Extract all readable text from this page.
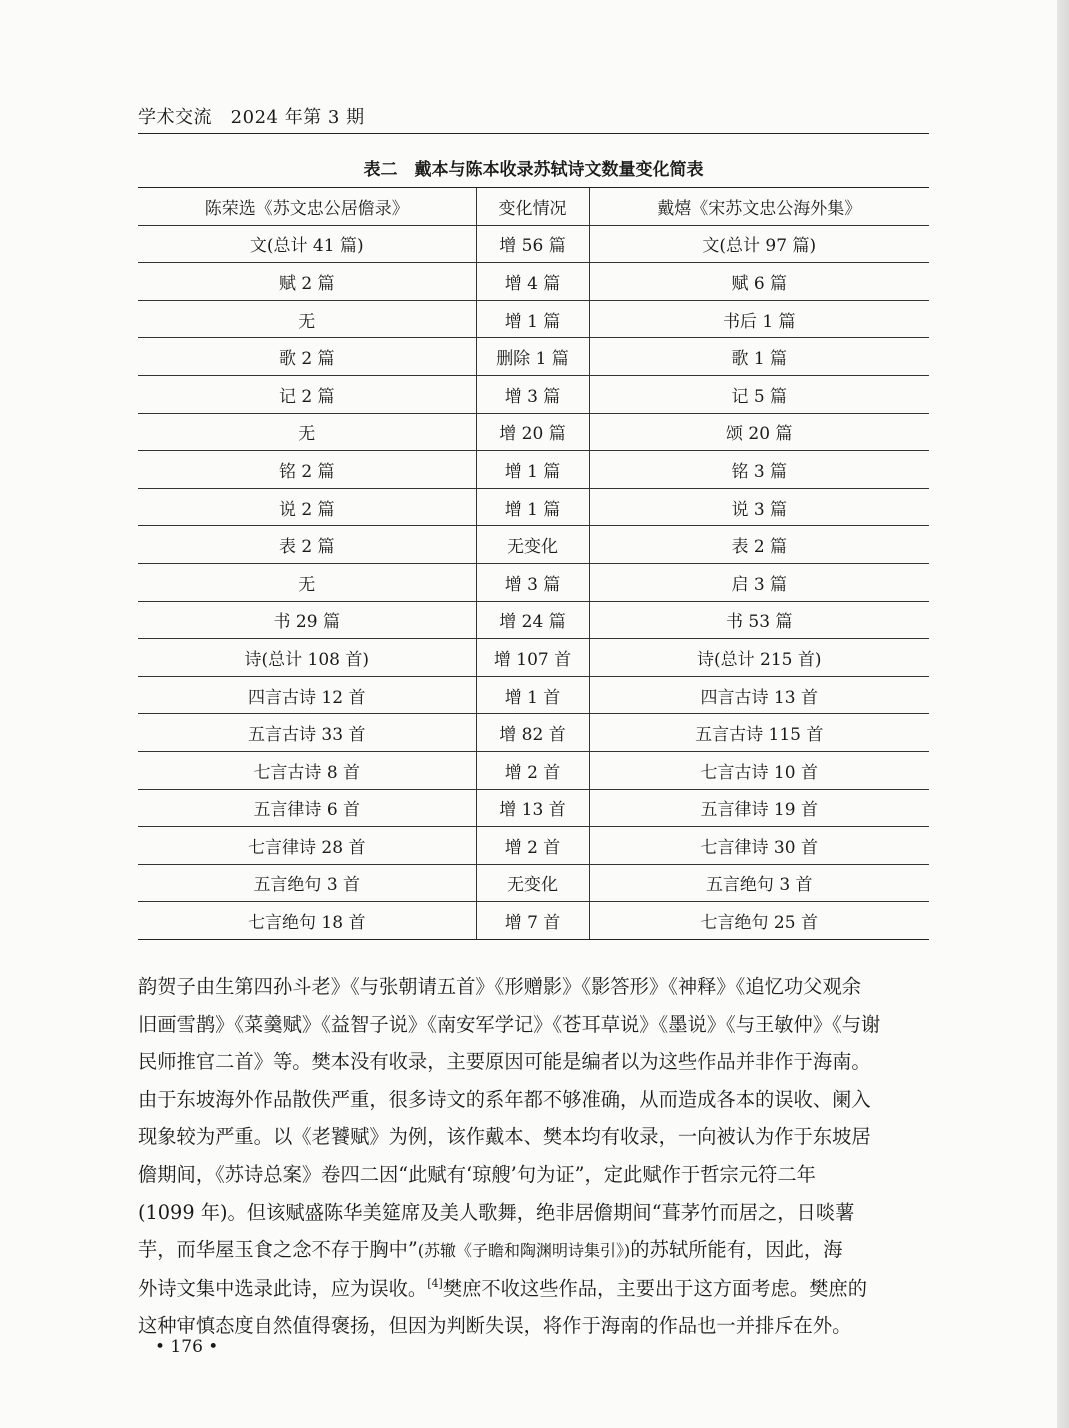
学术交流 2024 年第 3 期
表二　戴本与陈本收录苏轼诗文数量变化简表
陈荣选《苏文忠公居儋录》	变化情况	戴熺《宋苏文忠公海外集》
文(总计 41 篇)	增 56 篇	文(总计 97 篇)
赋 2 篇	增 4 篇	赋 6 篇
无	增 1 篇	书后 1 篇
歌 2 篇	删除 1 篇	歌 1 篇
记 2 篇	增 3 篇	记 5 篇
无	增 20 篇	颂 20 篇
铭 2 篇	增 1 篇	铭 3 篇
说 2 篇	增 1 篇	说 3 篇
表 2 篇	无变化	表 2 篇
无	增 3 篇	启 3 篇
书 29 篇	增 24 篇	书 53 篇
诗(总计 108 首)	增 107 首	诗(总计 215 首)
四言古诗 12 首	增 1 首	四言古诗 13 首
五言古诗 33 首	增 82 首	五言古诗 115 首
七言古诗 8 首	增 2 首	七言古诗 10 首
五言律诗 6 首	增 13 首	五言律诗 19 首
七言律诗 28 首	增 2 首	七言律诗 30 首
五言绝句 3 首	无变化	五言绝句 3 首
七言绝句 18 首	增 7 首	七言绝句 25 首
韵贺子由生第四孙斗老》《与张朝请五首》《形赠影》《影答形》《神释》《追忆功父观余
旧画雪鹊》《菜羹赋》《益智子说》《南安军学记》《苍耳草说》《墨说》《与王敏仲》《与谢
民师推官二首》等。樊本没有收录，主要原因可能是编者以为这些作品并非作于海南。
由于东坡海外作品散佚严重，很多诗文的系年都不够准确，从而造成各本的误收、阑入
现象较为严重。以《老饕赋》为例，该作戴本、樊本均有收录，一向被认为作于东坡居
儋期间，《苏诗总案》卷四二因“此赋有‘琼艘’句为证”，定此赋作于哲宗元符二年
(1099 年)。但该赋盛陈华美筵席及美人歌舞，绝非居儋期间“葺茅竹而居之，日啖薯
芋，而华屋玉食之念不存于胸中”(苏辙《子瞻和陶渊明诗集引》)的苏轼所能有，因此，海
外诗文集中选录此诗，应为误收。[4]樊庶不收这些作品，主要出于这方面考虑。樊庶的
这种审慎态度自然值得褒扬，但因为判断失误，将作于海南的作品也一并排斥在外。
• 176 •
